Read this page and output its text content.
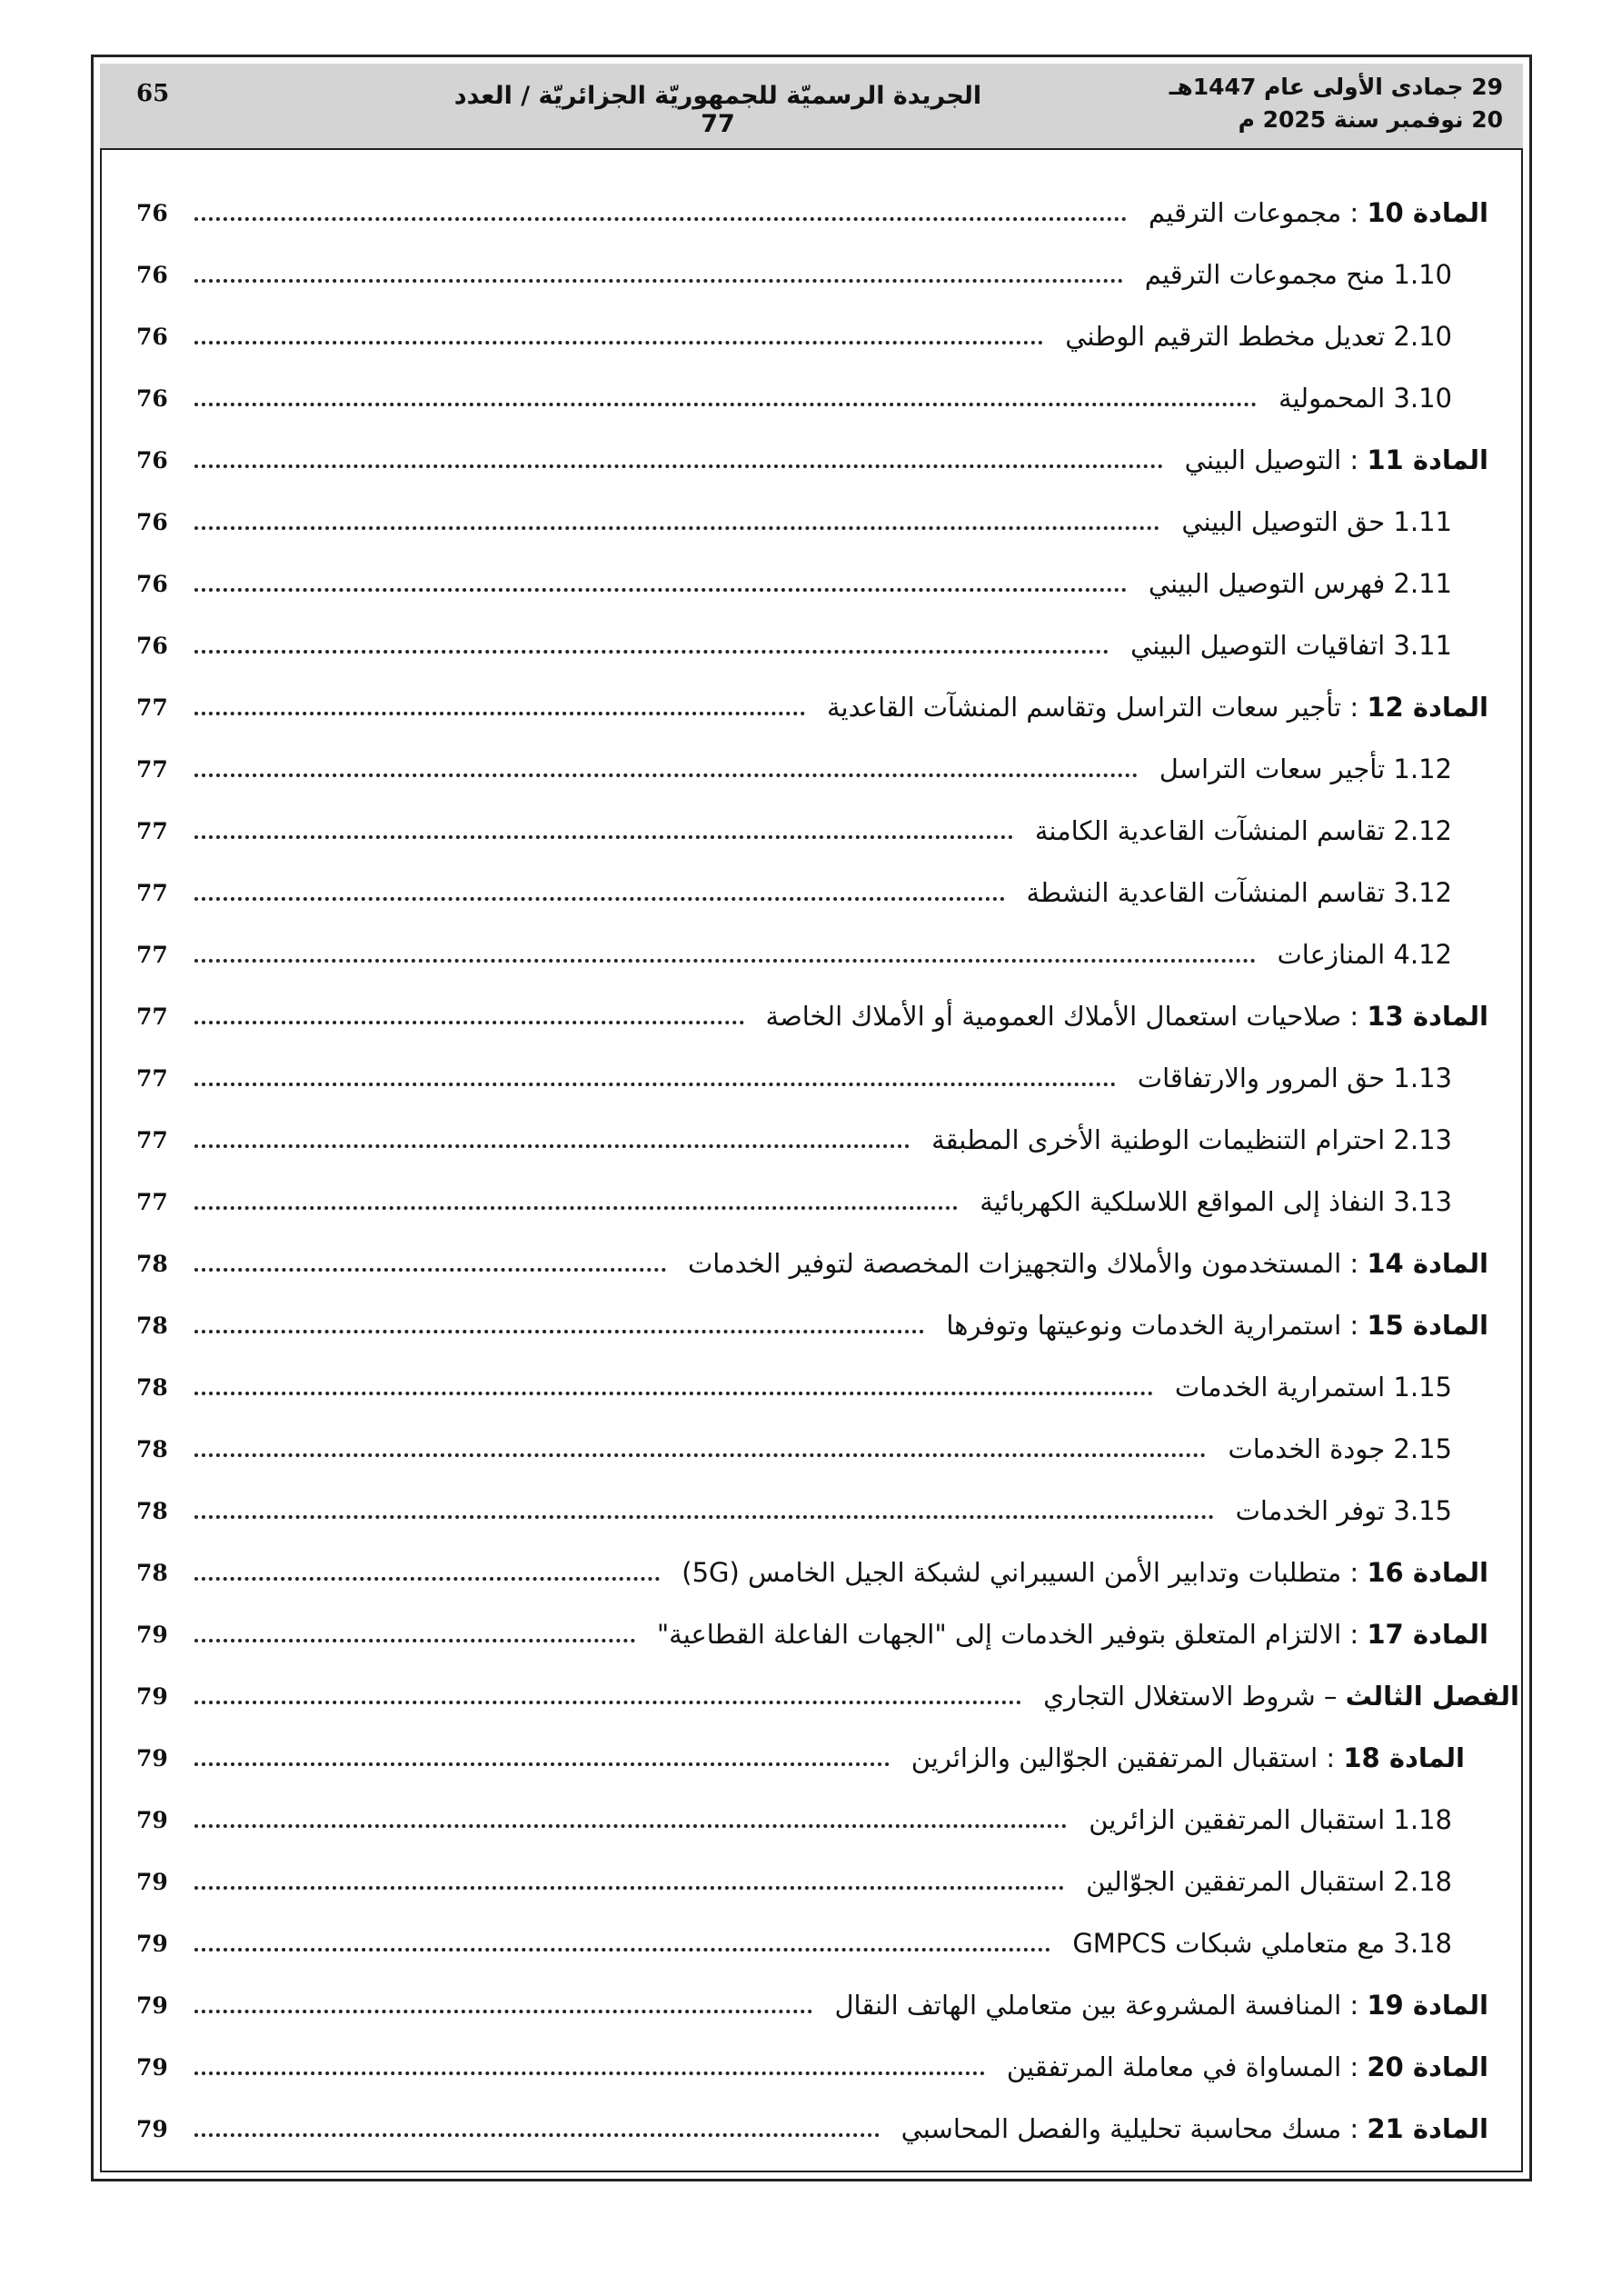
65	الجريدة الرسميّة للجمهوريّة الجزائريّة / العدد 77
29 جمادى الأولى عام 1447هـ
20 نوفمبر سنة 2025 م
المادة 10 : مجموعات الترقيم
76
1.10 منح مجموعات الترقيم
76
2.10 تعديل مخطط الترقيم الوطني
76
3.10 المحمولية
76
المادة 11 : التوصيل البيني
76
1.11 حق التوصيل البيني
76
2.11 فهرس التوصيل البيني
76
3.11 اتفاقيات التوصيل البيني
76
المادة 12 : تأجير سعات التراسل وتقاسم المنشآت القاعدية
77
1.12 تأجير سعات التراسل
77
2.12 تقاسم المنشآت القاعدية الكامنة
77
3.12 تقاسم المنشآت القاعدية النشطة
77
4.12 المنازعات
77
المادة 13 : صلاحيات استعمال الأملاك العمومية أو الأملاك الخاصة
77
1.13 حق المرور والارتفاقات
77
2.13 احترام التنظيمات الوطنية الأخرى المطبقة
77
3.13 النفاذ إلى المواقع اللاسلكية الكهربائية
77
المادة 14 : المستخدمون والأملاك والتجهيزات المخصصة لتوفير الخدمات
78
المادة 15 : استمرارية الخدمات ونوعيتها وتوفرها
78
1.15 استمرارية الخدمات
78
2.15 جودة الخدمات
78
3.15 توفر الخدمات
78
المادة 16 : متطلبات وتدابير الأمن السيبراني لشبكة الجيل الخامس (5G)
78
المادة 17 : الالتزام المتعلق بتوفير الخدمات إلى "الجهات الفاعلة القطاعية"
79
الفصل الثالث – شروط الاستغلال التجاري
79
المادة 18 : استقبال المرتفقين الجوّالين والزائرين
79
1.18 استقبال المرتفقين الزائرين
79
2.18 استقبال المرتفقين الجوّالين
79
3.18 مع متعاملي شبكات GMPCS
79
المادة 19 : المنافسة المشروعة بين متعاملي الهاتف النقال
79
المادة 20 : المساواة في معاملة المرتفقين
79
المادة 21 : مسك محاسبة تحليلية والفصل المحاسبي
79
